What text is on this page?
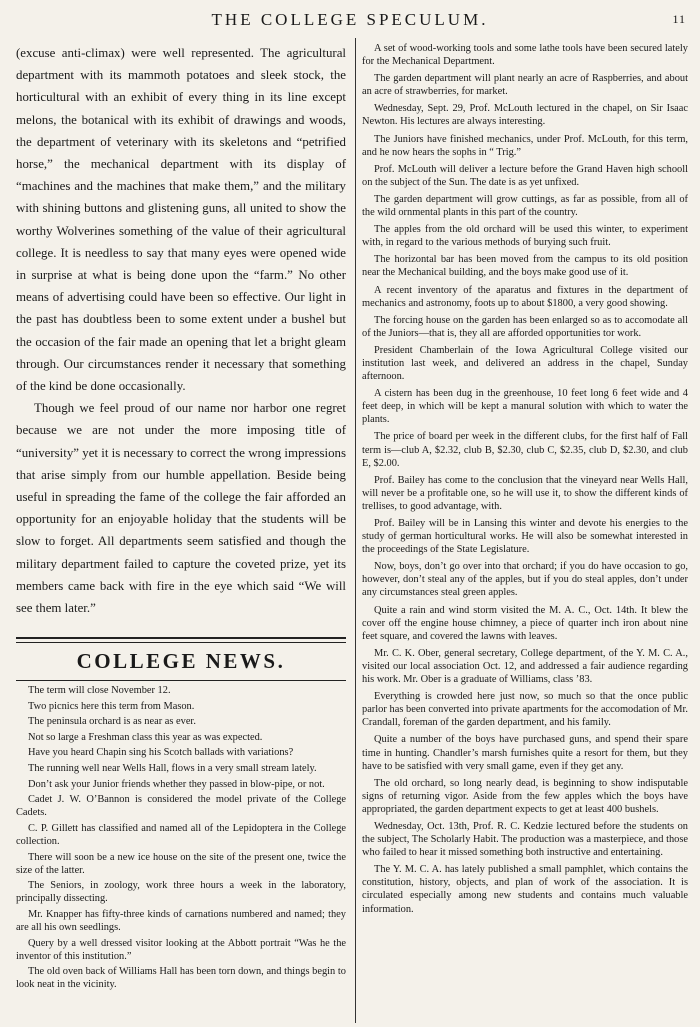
THE COLLEGE SPECULUM.	11

(excuse anti-climax) were well represented. The agricultural department with its mammoth potatoes and sleek stock, the horticultural with an exhibit of every thing in its line except melons, the botanical with its exhibit of drawings and woods, the department of veterinary with its skeletons and “petrified horse,” the mechanical department with its display of “machines and the machines that make them,” and the military with shining buttons and glistening guns, all united to show the worthy Wolverines something of the value of their agricultural college. It is needless to say that many eyes were opened wide in surprise at what is being done upon the “farm.” No other means of advertising could have been so effective. Our light in the past has doubtless been to some extent under a bushel but the occasion of the fair made an opening that let a bright gleam through. Our circumstances render it necessary that something of the kind be done occasionally.

Though we feel proud of our name nor harbor one regret because we are not under the more imposing title of “university” yet it is necessary to correct the wrong impressions that arise simply from our humble appellation. Beside being useful in spreading the fame of the college the fair afforded an opportunity for an enjoyable holiday that the students will be slow to forget. All departments seem satisfied and though the military department failed to capture the coveted prize, yet its members came back with fire in the eye which said “We will see them later.”

COLLEGE NEWS.

The term will close November 12.

Two picnics here this term from Mason.

The peninsula orchard is as near as ever.

Not so large a Freshman class this year as was expected.

Have you heard Chapin sing his Scotch ballads with variations?

The running well near Wells Hall, flows in a very small stream lately.

Don’t ask your Junior friends whether they passed in blow-pipe, or not.

Cadet J. W. O’Bannon is considered the model private of the College Cadets.

C. P. Gillett has classified and named all of the Lepidoptera in the College collection.

There will soon be a new ice house on the site of the present one, twice the size of the latter.

The Seniors, in zoology, work three hours a week in the laboratory, principally dissecting.

Mr. Knapper has fifty-three kinds of carnations numbered and named; they are all his own seedlings.

Query by a well dressed visitor looking at the Abbott portrait “Was he the inventor of this institution.”

The old oven back of Williams Hall has been torn down, and things begin to look neat in the vicinity.

A set of wood-working tools and some lathe tools have been secured lately for the Mechanical Department.

The garden department will plant nearly an acre of Raspberries, and about an acre of strawberries, for market.

Wednesday, Sept. 29, Prof. McLouth lectured in the chapel, on Sir Isaac Newton. His lectures are always interesting.

The Juniors have finished mechanics, under Prof. McLouth, for this term, and he now hears the sophs in “ Trig.”

Prof. McLouth will deliver a lecture before the Grand Haven high schooll on the subject of the Sun. The date is as yet unfixed.

The garden department will grow cuttings, as far as possible, from all of the wild ornmental plants in this part of the country.

The apples from the old orchard will be used this winter, to experiment with, in regard to the various methods of burying such fruit.

The horizontal bar has been moved from the campus to its old position near the Mechanical building, and the boys make good use of it.

A recent inventory of the aparatus and fixtures in the department of mechanics and astronomy, foots up to about $1800, a very good showing.

The forcing house on the garden has been enlarged so as to accomodate all of the Juniors—that is, they all are afforded opportunities tor work.

President Chamberlain of the Iowa Agricultural College visited our institution last week, and delivered an address in the chapel, Sunday afternoon.

A cistern has been dug in the greenhouse, 10 feet long 6 feet wide and 4 feet deep, in which will be kept a manural solution with which to water the plants.

The price of board per week in the different clubs, for the first half of Fall term is—club A, $2.32, club B, $2.30, club C, $2.35, club D, $2.30, and club E, $2.00.

Prof. Bailey has come to the conclusion that the vineyard near Wells Hall, will never be a profitable one, so he will use it, to show the different kinds of trellises, to good advantage, with.

Prof. Bailey will be in Lansing this winter and devote his energies to the study of german horticultural works. He will also be somewhat interested in the proceedings of the State Legislature.

Now, boys, don’t go over into that orchard; if you do have occasion to go, however, don’t steal any of the apples, but if you do steal apples, don’t under any circumstances steal green apples.

Quite a rain and wind storm visited the M. A. C., Oct. 14th. It blew the cover off the engine house chimney, a piece of quarter inch iron about nine feet square, and covered the lawns with leaves.

Mr. C. K. Ober, general secretary, College department, of the Y. M. C. A., visited our local association Oct. 12, and addressed a fair audience regarding his work. Mr. Ober is a graduate of Williams, class ’83.

Everything is crowded here just now, so much so that the once public parlor has been converted into private apartments for the accomodation of Mr. Crandall, foreman of the garden department, and his family.

Quite a number of the boys have purchased guns, and spend their spare time in hunting. Chandler’s marsh furnishes quite a resort for them, but they have to be satisfied with very small game, even if they get any.

The old orchard, so long nearly dead, is beginning to show indisputable signs of returning vigor. Aside from the few apples which the boys have appropriated, the garden department expects to get at least 400 bushels.

Wednesday, Oct. 13th, Prof. R. C. Kedzie lectured before the students on the subject, The Scholarly Habit. The production was a masterpiece, and those who failed to hear it missed something both instructive and entertaining.

The Y. M. C. A. has lately published a small pamphlet, which contains the constitution, history, objects, and plan of work of the association. It is circulated especially among new students and contains much valuable information.
